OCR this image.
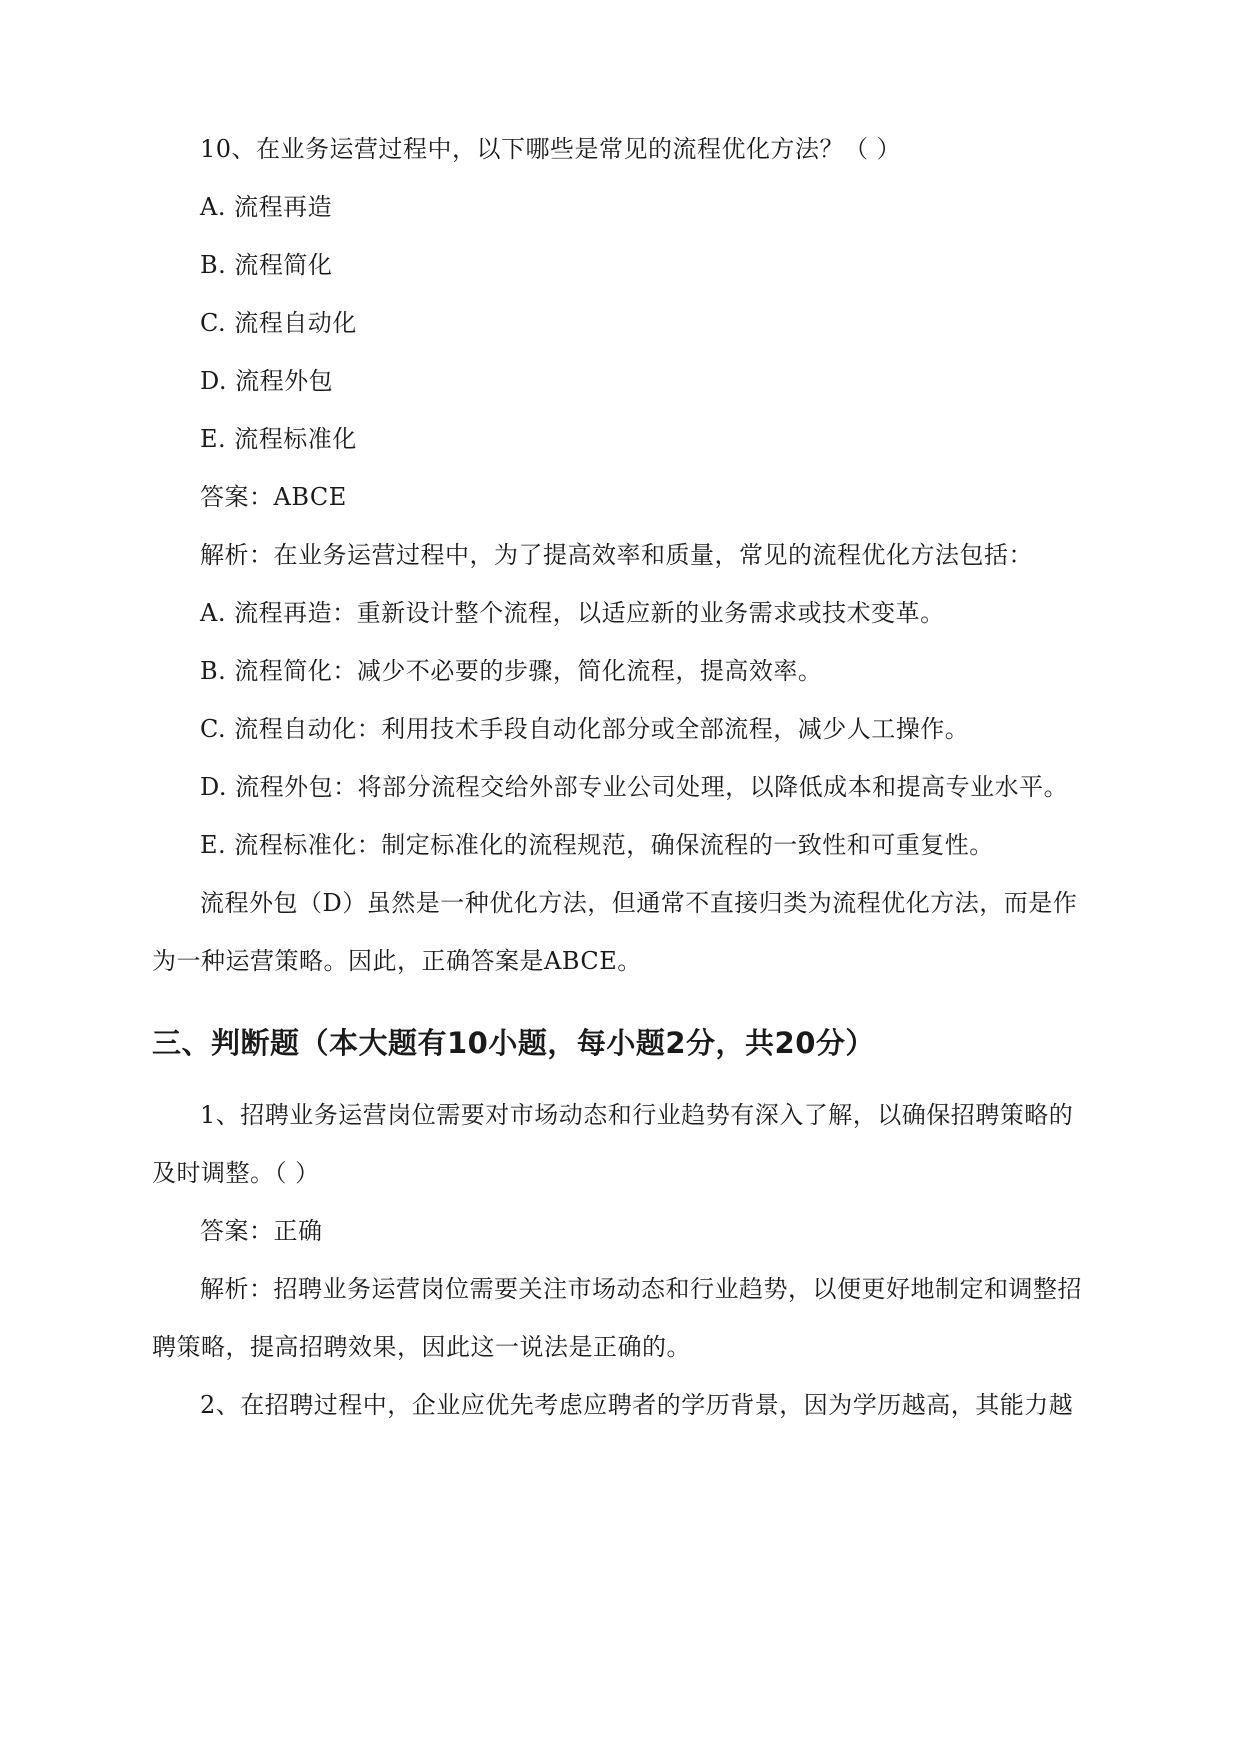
10、在业务运营过程中，以下哪些是常见的流程优化方法？（ ）
A. 流程再造
B. 流程简化
C. 流程自动化
D. 流程外包
E. 流程标准化
答案：ABCE
解析：在业务运营过程中，为了提高效率和质量，常见的流程优化方法包括：
A. 流程再造：重新设计整个流程，以适应新的业务需求或技术变革。
B. 流程简化：减少不必要的步骤，简化流程，提高效率。
C. 流程自动化：利用技术手段自动化部分或全部流程，减少人工操作。
D. 流程外包：将部分流程交给外部专业公司处理，以降低成本和提高专业水平。
E. 流程标准化：制定标准化的流程规范，确保流程的一致性和可重复性。
流程外包（D）虽然是一种优化方法，但通常不直接归类为流程优化方法，而是作
为一种运营策略。因此，正确答案是ABCE。
三、判断题（本大题有10小题，每小题2分，共20分）
1、招聘业务运营岗位需要对市场动态和行业趋势有深入了解，以确保招聘策略的
及时调整。（ ）
答案：正确
解析：招聘业务运营岗位需要关注市场动态和行业趋势，以便更好地制定和调整招
聘策略，提高招聘效果，因此这一说法是正确的。
2、在招聘过程中，企业应优先考虑应聘者的学历背景，因为学历越高，其能力越
